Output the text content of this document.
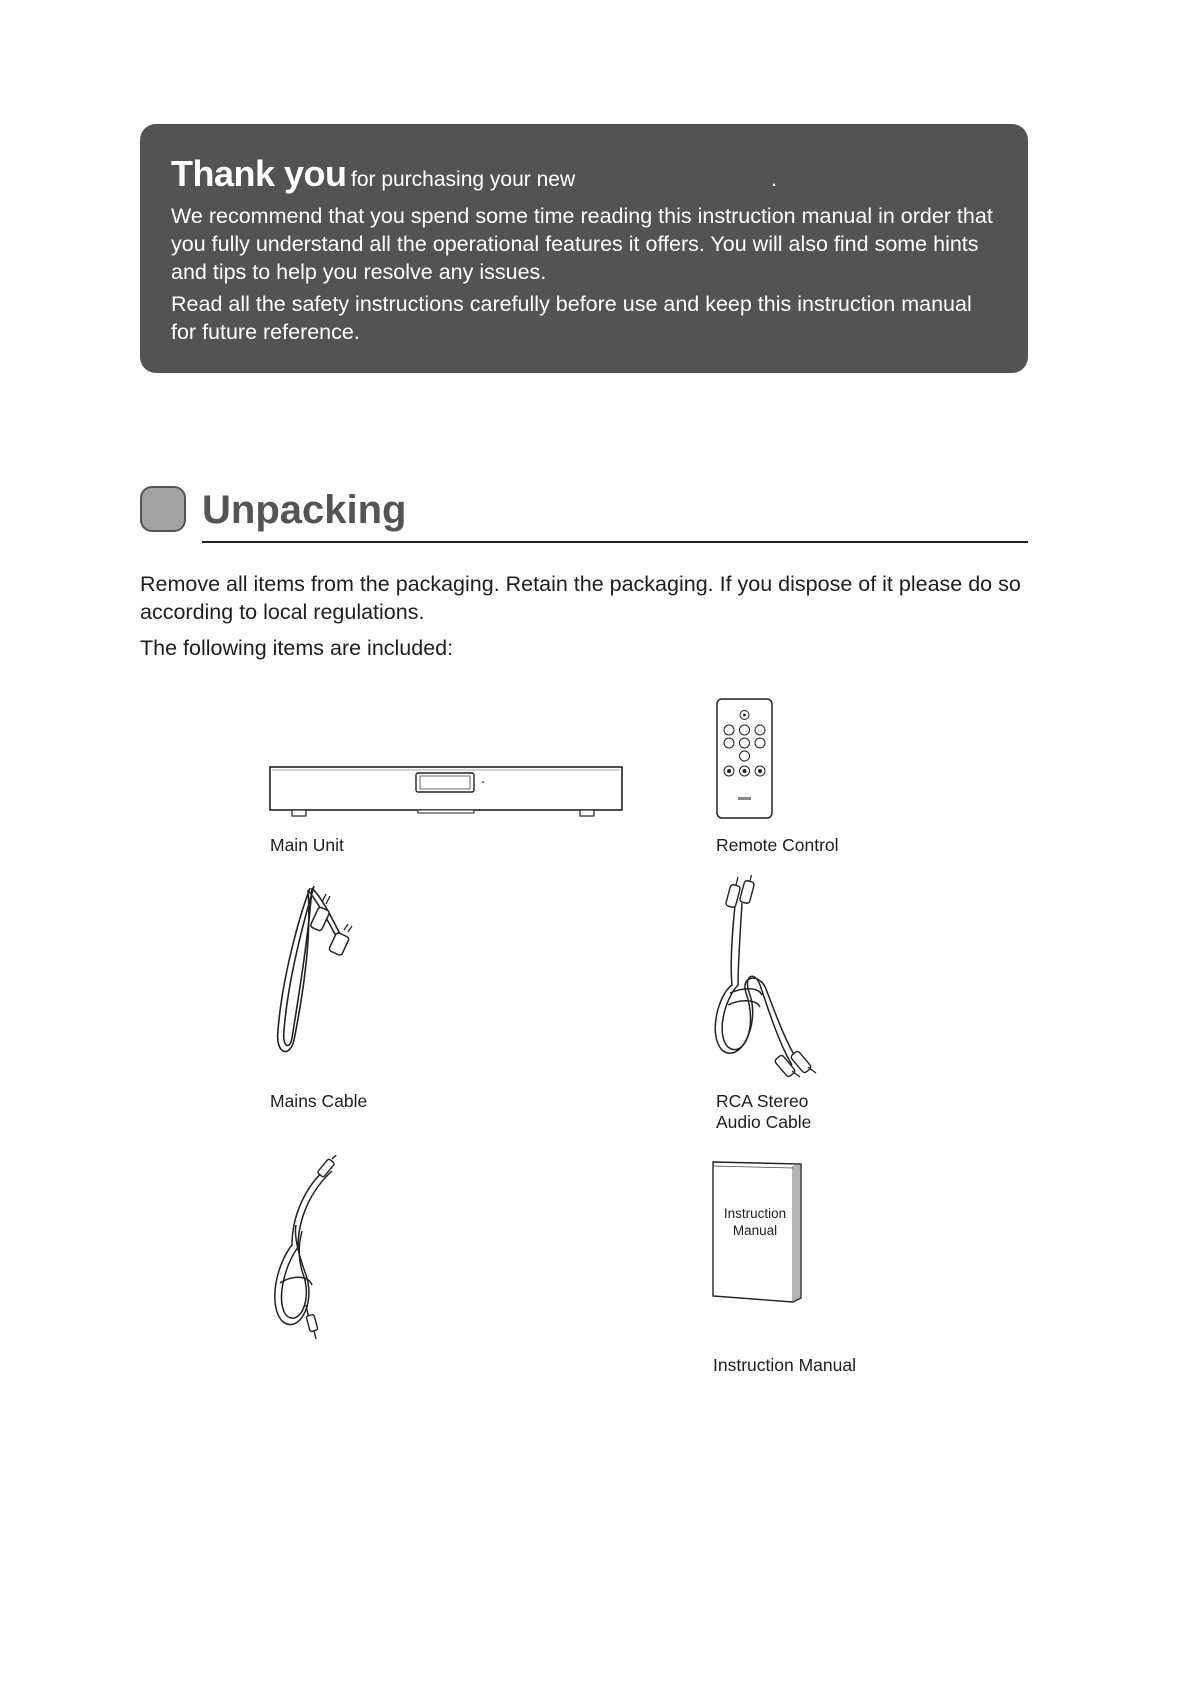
Thank you for purchasing your new	.

We recommend that you spend some time reading this instruction manual in order that you fully understand all the operational features it offers. You will also find some hints and tips to help you resolve any issues.

Read all the safety instructions carefully before use and keep this instruction manual for future reference.

Unpacking

Remove all items from the packaging. Retain the packaging. If you dispose of it please do so according to local regulations.

The following items are included:

Main Unit	Remote Control

Mains Cable	RCA Stereo

Audio Cable

Instruction
Manual

Instruction Manual
